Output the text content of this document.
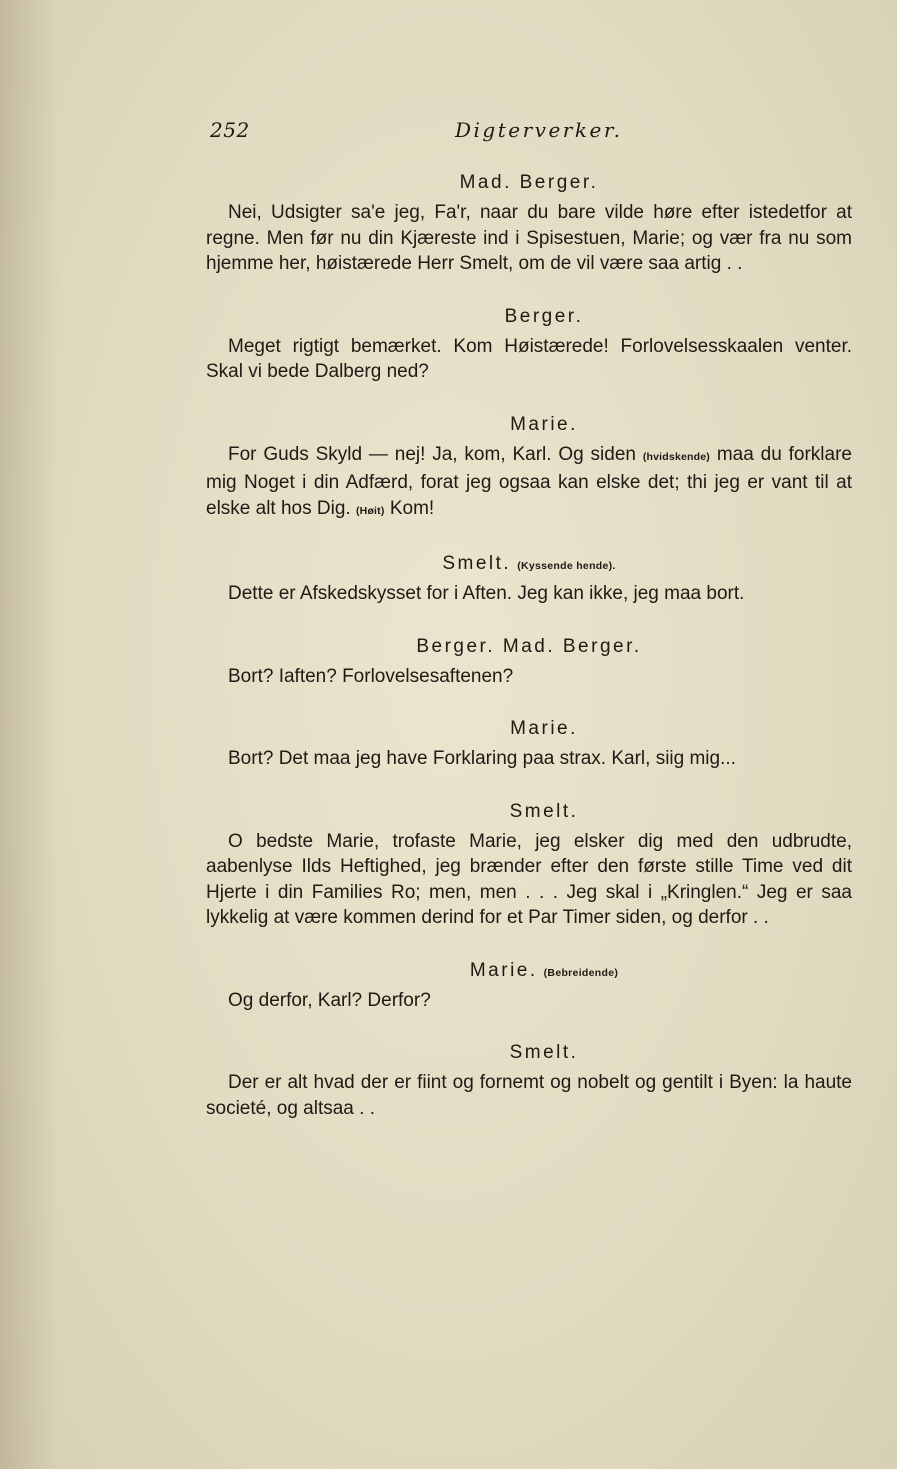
252	Digterverker.
Mad. Berger.

Nei, Udsigter sa'e jeg, Fa'r, naar du bare vilde høre efter istedetfor at regne. Men før nu din Kjæreste ind i Spisestuen, Marie; og vær fra nu som hjemme her, høistærede Herr Smelt, om de vil være saa artig . .

Berger.

Meget rigtigt bemærket. Kom Høistærede! Forlovelsesskaalen venter. Skal vi bede Dalberg ned?

Marie.

For Guds Skyld — nej! Ja, kom, Karl. Og siden (hvidskende) maa du forklare mig Noget i din Adfærd, forat jeg ogsaa kan elske det; thi jeg er vant til at elske alt hos Dig. (Høit) Kom!

Smelt. (Kyssende hende).

Dette er Afskedskysset for i Aften. Jeg kan ikke, jeg maa bort.

Berger. Mad. Berger.

Bort? Iaften? Forlovelsesaftenen?

Marie.

Bort? Det maa jeg have Forklaring paa strax. Karl, siig mig...

Smelt.

O bedste Marie, trofaste Marie, jeg elsker dig med den udbrudte, aabenlyse Ilds Heftighed, jeg brænder efter den første stille Time ved dit Hjerte i din Families Ro; men, men . . . Jeg skal i „Kringlen.“ Jeg er saa lykkelig at være kommen derind for et Par Timer siden, og derfor . .

Marie. (Bebreidende)

Og derfor, Karl? Derfor?

Smelt.

Der er alt hvad der er fiint og fornemt og nobelt og gentilt i Byen: la haute societé, og altsaa . .
